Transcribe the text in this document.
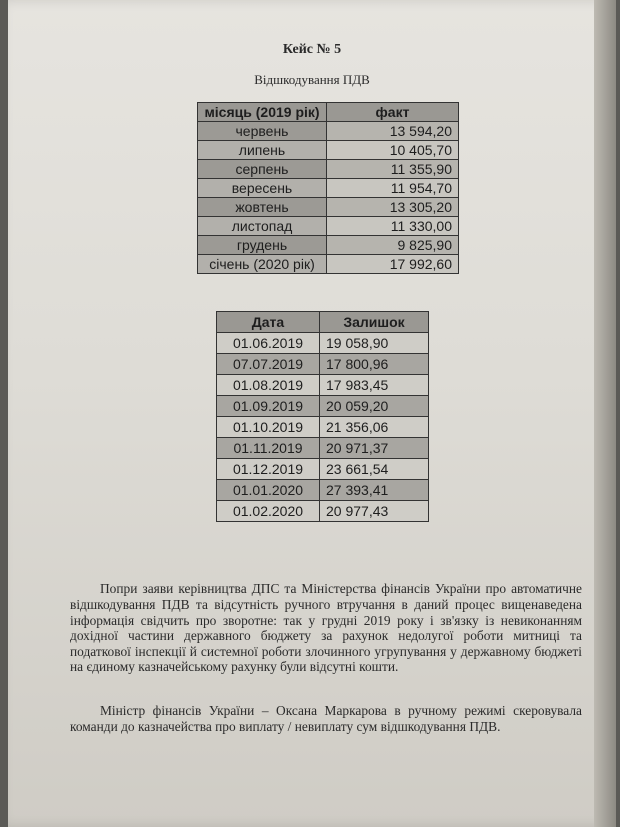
Кейс № 5
Відшкодування ПДВ
місяць (2019 рік)	факт
червень	13 594,20
липень	10 405,70
серпень	11 355,90
вересень	11 954,70
жовтень	13 305,20
листопад	11 330,00
грудень	9 825,90
січень (2020 рік)	17 992,60
Дата	Залишок
01.06.2019	19 058,90
07.07.2019	17 800,96
01.08.2019	17 983,45
01.09.2019	20 059,20
01.10.2019	21 356,06
01.11.2019	20 971,37
01.12.2019	23 661,54
01.01.2020	27 393,41
01.02.2020	20 977,43

Попри заяви керівництва ДПС та Міністерства фінансів України про автоматичне відшкодування ПДВ та відсутність ручного втручання в даний процес вищенаведена інформація свідчить про зворотне: так у грудні 2019 року і зв'язку із невиконанням дохідної частини державного бюджету за рахунок недолугої роботи митниці та податкової інспекції й системної роботи злочинного угрупування у державному бюджеті на єдиному казначейському рахунку були відсутні кошти.

Міністр фінансів України – Оксана Маркарова в ручному режимі скеровувала команди до казначейства про виплату / невиплату сум відшкодування ПДВ.
